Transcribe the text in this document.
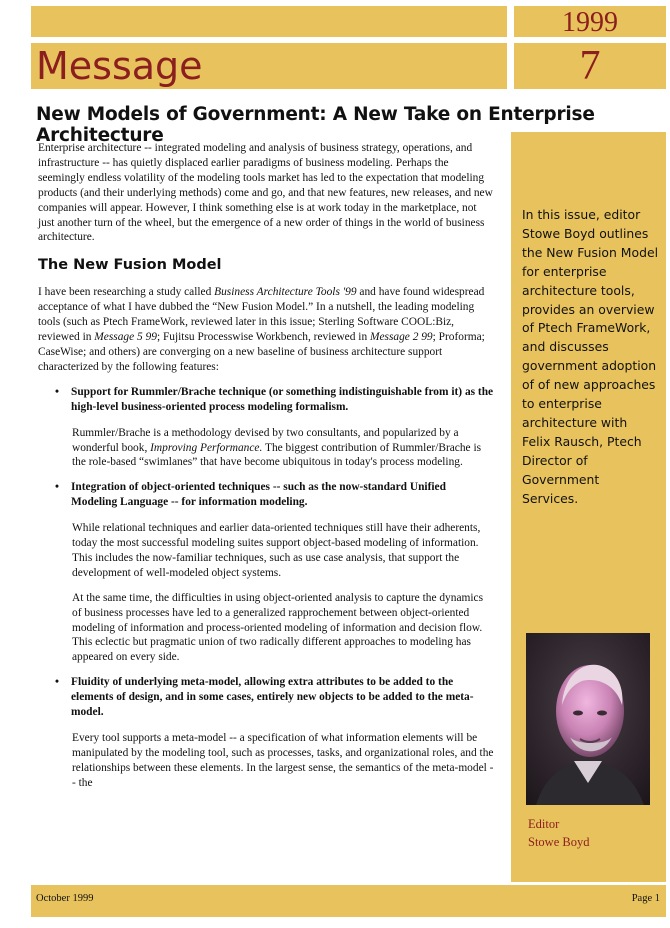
1999
7
Message
New Models of Government: A New Take on Enterprise Architecture
In this issue, editor Stowe Boyd outlines the New Fusion Model for enterprise architecture tools, provides an overview of Ptech FrameWork, and discusses government adoption of of new approaches to enterprise architecture with Felix Rausch, Ptech Director of Government Services.
Editor
Stowe Boyd

Enterprise architecture -- integrated modeling and analysis of business strategy, operations, and infrastructure -- has quietly displaced earlier paradigms of business modeling. Perhaps the seemingly endless volatility of the modeling tools market has led to the expectation that modeling products (and their underlying methods) come and go, and that new features, new releases, and new companies will appear. However, I think something else is at work today in the marketplace, not just another turn of the wheel, but the emergence of a new order of things in the world of business architecture.

The New Fusion Model

I have been researching a study called Business Architecture Tools '99 and have found widespread acceptance of what I have dubbed the “New Fusion Model.” In a nutshell, the leading modeling tools (such as Ptech FrameWork, reviewed later in this issue; Sterling Software COOL:Biz, reviewed in Message 5 99; Fujitsu Processwise Workbench, reviewed in Message 2 99; Proforma; CaseWise; and others) are converging on a new baseline of business architecture support characterized by the following features:

• Support for Rummler/Brache technique (or something indistinguishable from it) as the high-level business-oriented process modeling formalism.

Rummler/Brache is a methodology devised by two consultants, and popularized by a wonderful book, Improving Performance. The biggest contribution of Rummler/Brache is the role-based “swimlanes” that have become ubiquitous in today's process modeling.

• Integration of object-oriented techniques -- such as the now-standard Unified Modeling Language -- for information modeling.

While relational techniques and earlier data-oriented techniques still have their adherents, today the most successful modeling suites support object-based modeling of information. This includes the now-familiar techniques, such as use case analysis, that support the development of well-modeled object systems.

At the same time, the difficulties in using object-oriented analysis to capture the dynamics of business processes have led to a generalized rapprochement between object-oriented modeling of information and process-oriented modeling of information and decision flow. This eclectic but pragmatic union of two radically different approaches to modeling has appeared on every side.

• Fluidity of underlying meta-model, allowing extra attributes to be added to the elements of design, and in some cases, entirely new objects to be added to the meta-model.

Every tool supports a meta-model -- a specification of what information elements will be manipulated by the modeling tool, such as processes, tasks, and organizational roles, and the relationships between these elements. In the largest sense, the semantics of the meta-model -- the

October 1999	Page 1
